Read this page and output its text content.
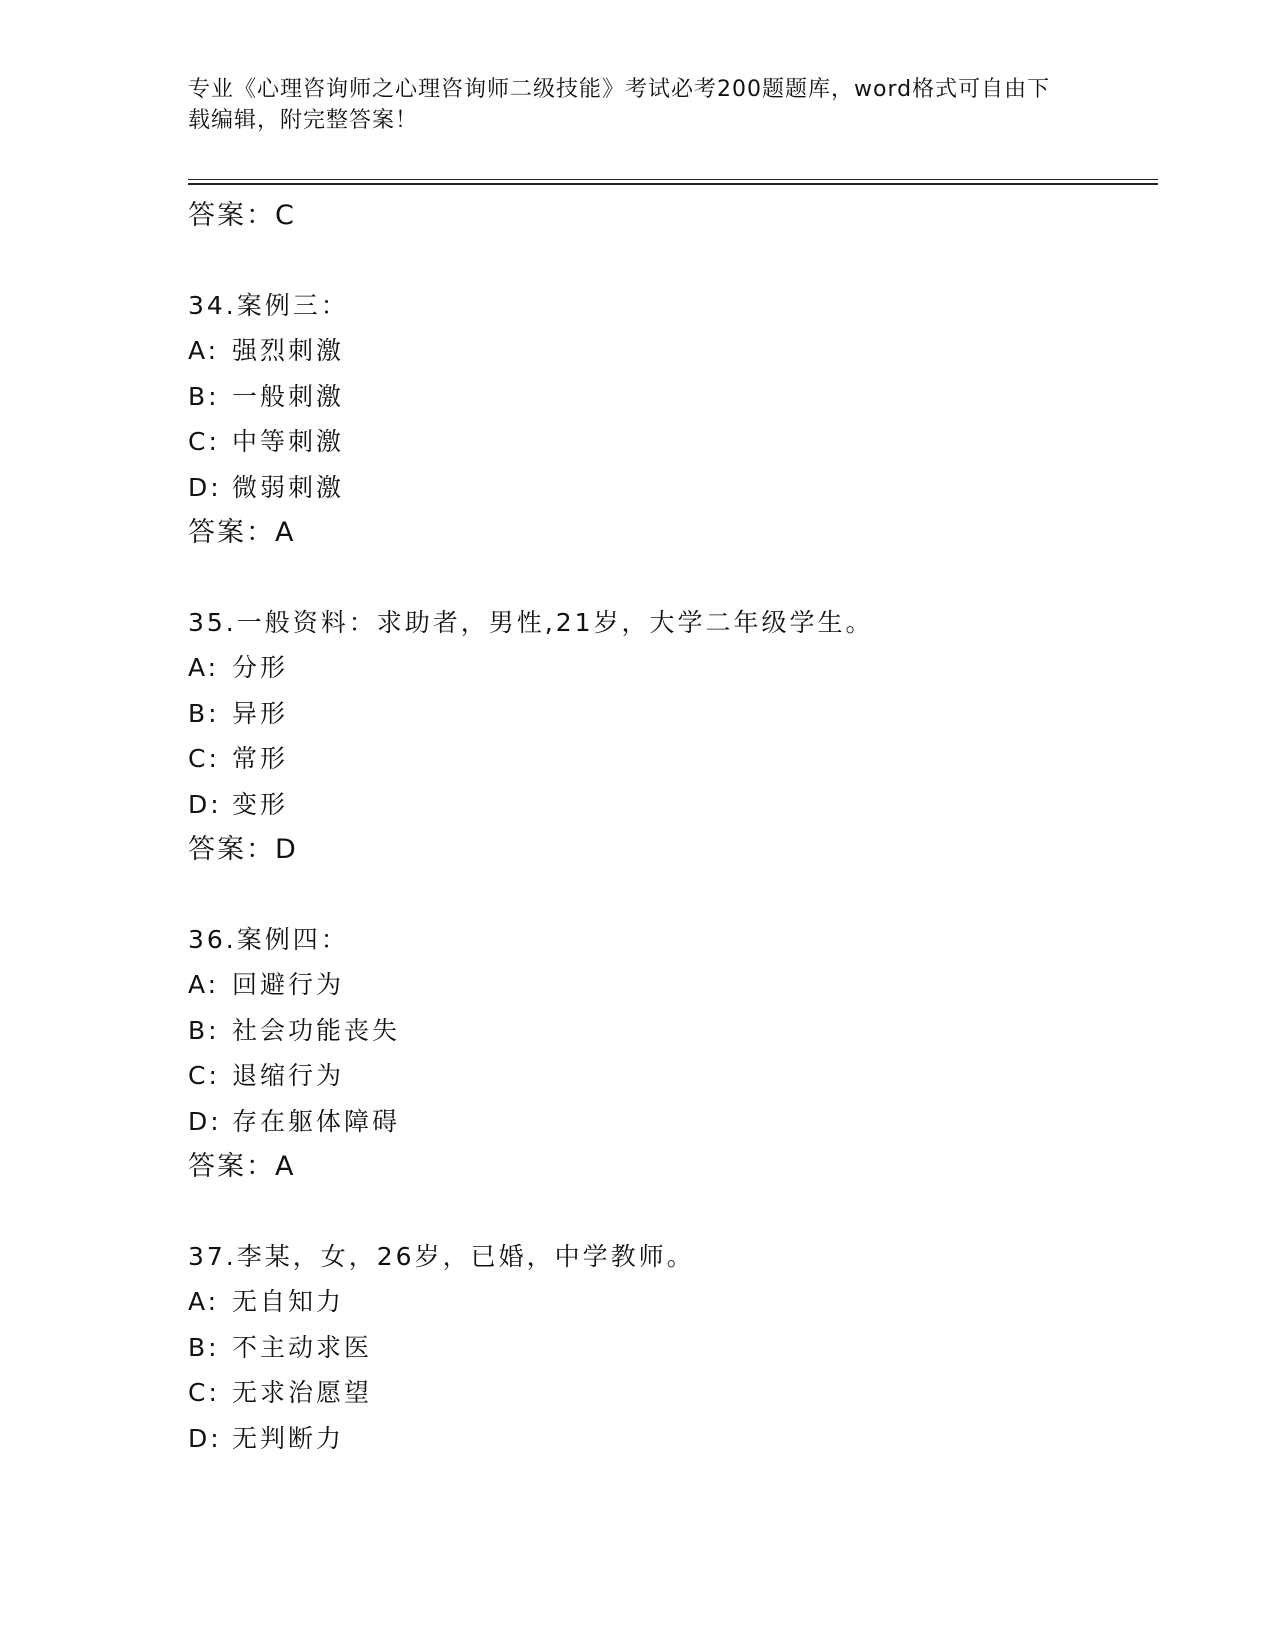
专业《心理咨询师之心理咨询师二级技能》考试必考200题题库，word格式可自由下载编辑，附完整答案！
答案：C
34.案例三：
A: 强烈刺激
B: 一般刺激
C: 中等刺激
D: 微弱刺激
答案：A
35.一般资料：求助者，男性,21岁，大学二年级学生。
A: 分形
B: 异形
C: 常形
D: 变形
答案：D
36.案例四：
A: 回避行为
B: 社会功能丧失
C: 退缩行为
D: 存在躯体障碍
答案：A
37.李某，女，26岁，已婚，中学教师。
A: 无自知力
B: 不主动求医
C: 无求治愿望
D: 无判断力
